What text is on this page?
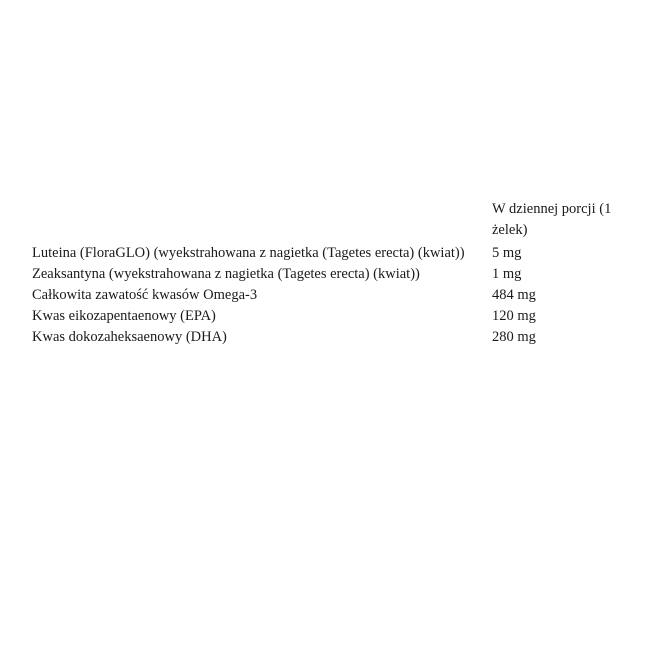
	W dziennej porcji (1 żelek)
Luteina (FloraGLO) (wyekstrahowana z nagietka (Tagetes erecta) (kwiat))	5 mg
Zeaksantyna (wyekstrahowana z nagietka (Tagetes erecta) (kwiat))	1 mg
Całkowita zawatość kwasów Omega-3	484 mg
Kwas eikozapentaenowy (EPA)	120 mg
Kwas dokozaheksaenowy (DHA)	280 mg
